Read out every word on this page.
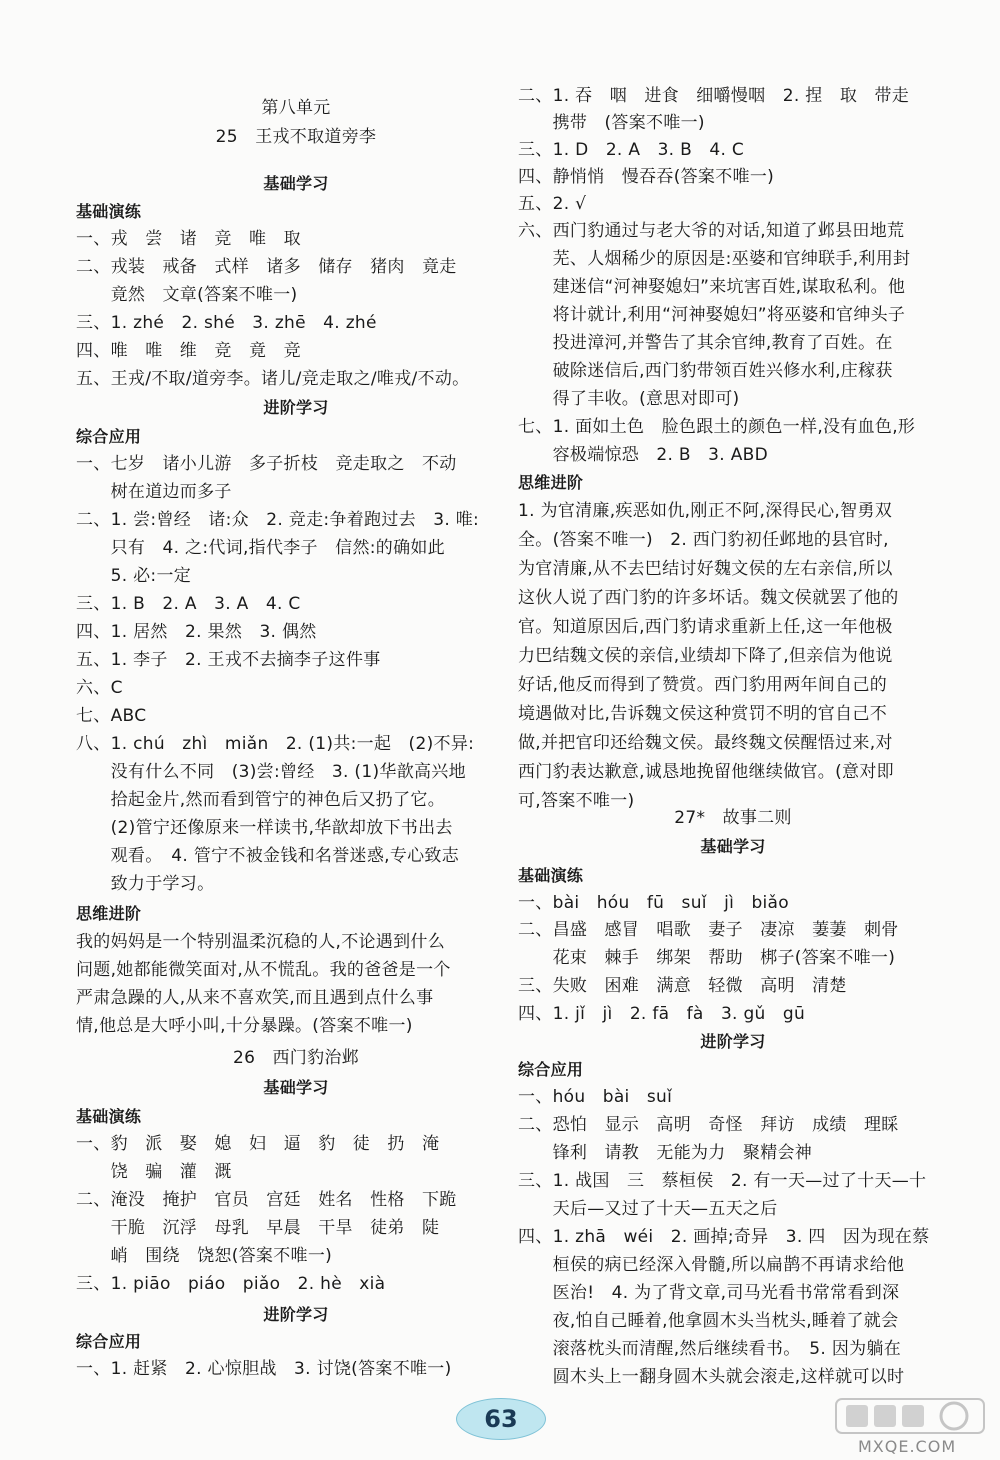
第八单元
25　王戎不取道旁李
基础学习
基础演练
一、戎　尝　诸　竞　唯　取
二、戎装　戒备　式样　诸多　储存　猪肉　竟走
　　竟然　文章(答案不唯一)
三、1. zhé　2. shé　3. zhē　4. zhé
四、唯　唯　维　竞　竟　竞
五、王戎/不取/道旁李。诸儿/竞走取之/唯戎/不动。
进阶学习
综合应用
一、七岁　诸小儿游　多子折枝　竞走取之　不动
　　树在道边而多子
二、1. 尝:曾经　诸:众　2. 竞走:争着跑过去　3. 唯:
　　只有　4. 之:代词,指代李子　信然:的确如此
　　5. 必:一定
三、1. B　2. A　3. A　4. C
四、1. 居然　2. 果然　3. 偶然
五、1. 李子　2. 王戎不去摘李子这件事
六、C
七、ABC
八、1. chú　zhì　miǎn　2. (1)共:一起　(2)不异:
　　没有什么不同　(3)尝:曾经　3. (1)华歆高兴地
　　拾起金片,然而看到管宁的神色后又扔了它。
　　(2)管宁还像原来一样读书,华歆却放下书出去
　　观看。　4. 管宁不被金钱和名誉迷惑,专心致志
　　致力于学习。
思维进阶
我的妈妈是一个特别温柔沉稳的人,不论遇到什么
问题,她都能微笑面对,从不慌乱。我的爸爸是一个
严肃急躁的人,从来不喜欢笑,而且遇到点什么事
情,他总是大呼小叫,十分暴躁。(答案不唯一)
26　西门豹治邺
基础学习
基础演练
一、豹　派　娶　媳　妇　逼　豹　徒　扔　淹
　　饶　骗　灌　溉
二、淹没　掩护　官员　宫廷　姓名　性格　下跪
　　干脆　沉浮　母乳　早晨　干旱　徒弟　陡
　　峭　围绕　饶恕(答案不唯一)
三、1. piāo　piáo　piǎo　2. hè　xià
进阶学习
综合应用
一、1. 赶紧　2. 心惊胆战　3. 讨饶(答案不唯一)
二、1. 吞　咽　进食　细嚼慢咽　2. 捏　取　带走
　　携带　(答案不唯一)
三、1. D　2. A　3. B　4. C
四、静悄悄　慢吞吞(答案不唯一)
五、2. √
六、西门豹通过与老大爷的对话,知道了邺县田地荒
　　芜、人烟稀少的原因是:巫婆和官绅联手,利用封
　　建迷信“河神娶媳妇”来坑害百姓,谋取私利。他
　　将计就计,利用“河神娶媳妇”将巫婆和官绅头子
　　投进漳河,并警告了其余官绅,教育了百姓。在
　　破除迷信后,西门豹带领百姓兴修水利,庄稼获
　　得了丰收。(意思对即可)
七、1. 面如土色　脸色跟土的颜色一样,没有血色,形
　　容极端惊恐　2. B　3. ABD
思维进阶
1. 为官清廉,疾恶如仇,刚正不阿,深得民心,智勇双
全。(答案不唯一)　2. 西门豹初任邺地的县官时,
为官清廉,从不去巴结讨好魏文侯的左右亲信,所以
这伙人说了西门豹的许多坏话。魏文侯就罢了他的
官。知道原因后,西门豹请求重新上任,这一年他极
力巴结魏文侯的亲信,业绩却下降了,但亲信为他说
好话,他反而得到了赞赏。西门豹用两年间自己的
境遇做对比,告诉魏文侯这种赏罚不明的官自己不
做,并把官印还给魏文侯。最终魏文侯醒悟过来,对
西门豹表达歉意,诚恳地挽留他继续做官。(意对即
可,答案不唯一)
27*　故事二则
基础学习
基础演练
一、bài　hóu　fū　suǐ　jì　biǎo
二、昌盛　感冒　唱歌　妻子　凄凉　萋萋　刺骨
　　花束　棘手　绑架　帮助　梆子(答案不唯一)
三、失败　困难　满意　轻微　高明　清楚
四、1. jǐ　jì　2. fā　fà　3. gǔ　gū
进阶学习
综合应用
一、hóu　bài　suǐ
二、恐怕　显示　高明　奇怪　拜访　成绩　理睬
　　锋利　请教　无能为力　聚精会神
三、1. 战国　三　蔡桓侯　2. 有一天—过了十天—十
　　天后—又过了十天—五天之后
四、1. zhā　wéi　2. 画掉;奇异　3. 四　因为现在蔡
　　桓侯的病已经深入骨髓,所以扁鹊不再请求给他
　　医治!　4. 为了背文章,司马光看书常常看到深
　　夜,怕自己睡着,他拿圆木头当枕头,睡着了就会
　　滚落枕头而清醒,然后继续看书。　5. 因为躺在
　　圆木头上一翻身圆木头就会滚走,这样就可以时
63
MXQE.COM
